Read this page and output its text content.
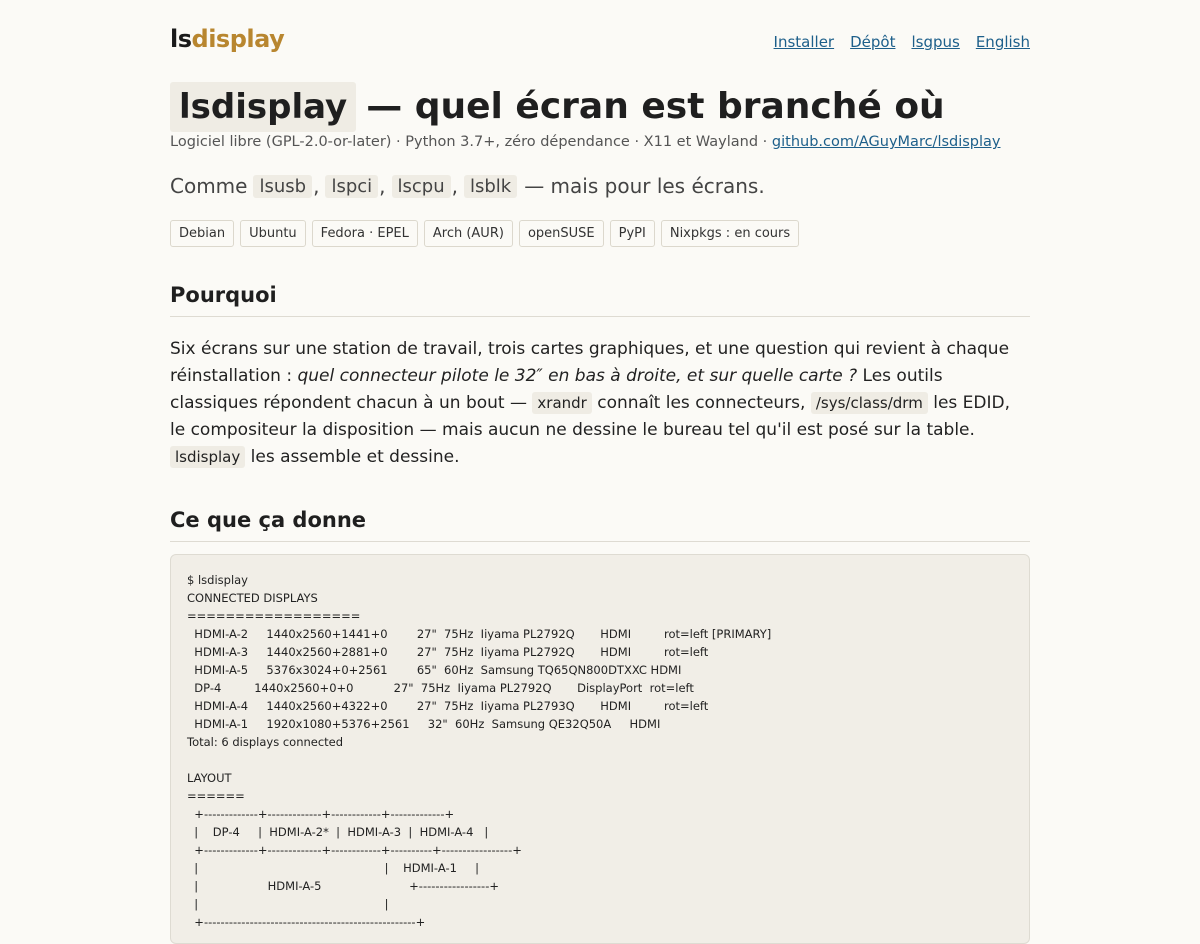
lsdisplay	Installer Dépôt lsgpus English
lsdisplay — quel écran est branché où
Logiciel libre (GPL-2.0-or-later) · Python 3.7+, zéro dépendance · X11 et Wayland · github.com/AGuyMarc/lsdisplay
Comme lsusb , lspci , lscpu , lsblk — mais pour les écrans.
Debian	Ubuntu	Fedora · EPEL	Arch (AUR)	openSUSE	PyPI	Nixpkgs : en cours
Pourquoi
Six écrans sur une station de travail, trois cartes graphiques, et une question qui revient à chaque réinstallation : quel connecteur pilote le 32″ en bas à droite, et sur quelle carte ? Les outils classiques répondent chacun à un bout — xrandr connaît les connecteurs, /sys/class/drm les EDID, le compositeur la disposition — mais aucun ne dessine le bureau tel qu'il est posé sur la table. lsdisplay les assemble et dessine.
Ce que ça donne
$ lsdisplay
CONNECTED DISPLAYS
==================
HDMI-A-2     1440x2560+1441+0        27"  75Hz  Iiyama PL2792Q       HDMI         rot=left [PRIMARY]
HDMI-A-3     1440x2560+2881+0        27"  75Hz  Iiyama PL2792Q       HDMI         rot=left
HDMI-A-5     5376x3024+0+2561        65"  60Hz  Samsung TQ65QN800DTXXC HDMI
DP-4         1440x2560+0+0           27"  75Hz  Iiyama PL2792Q       DisplayPort  rot=left
HDMI-A-4     1440x2560+4322+0        27"  75Hz  Iiyama PL2793Q       HDMI         rot=left
HDMI-A-1     1920x1080+5376+2561     32"  60Hz  Samsung QE32Q50A     HDMI
Total: 6 displays connected

LAYOUT
======
+-------------+-------------+------------+-------------+
|    DP-4     |  HDMI-A-2*  |  HDMI-A-3  |  HDMI-A-4   |
+-------------+-------------+------------+----------+-----------------+
|                                                   |    HDMI-A-1     |
|                   HDMI-A-5                        +-----------------+
|                                                   |
+---------------------------------------------------+
